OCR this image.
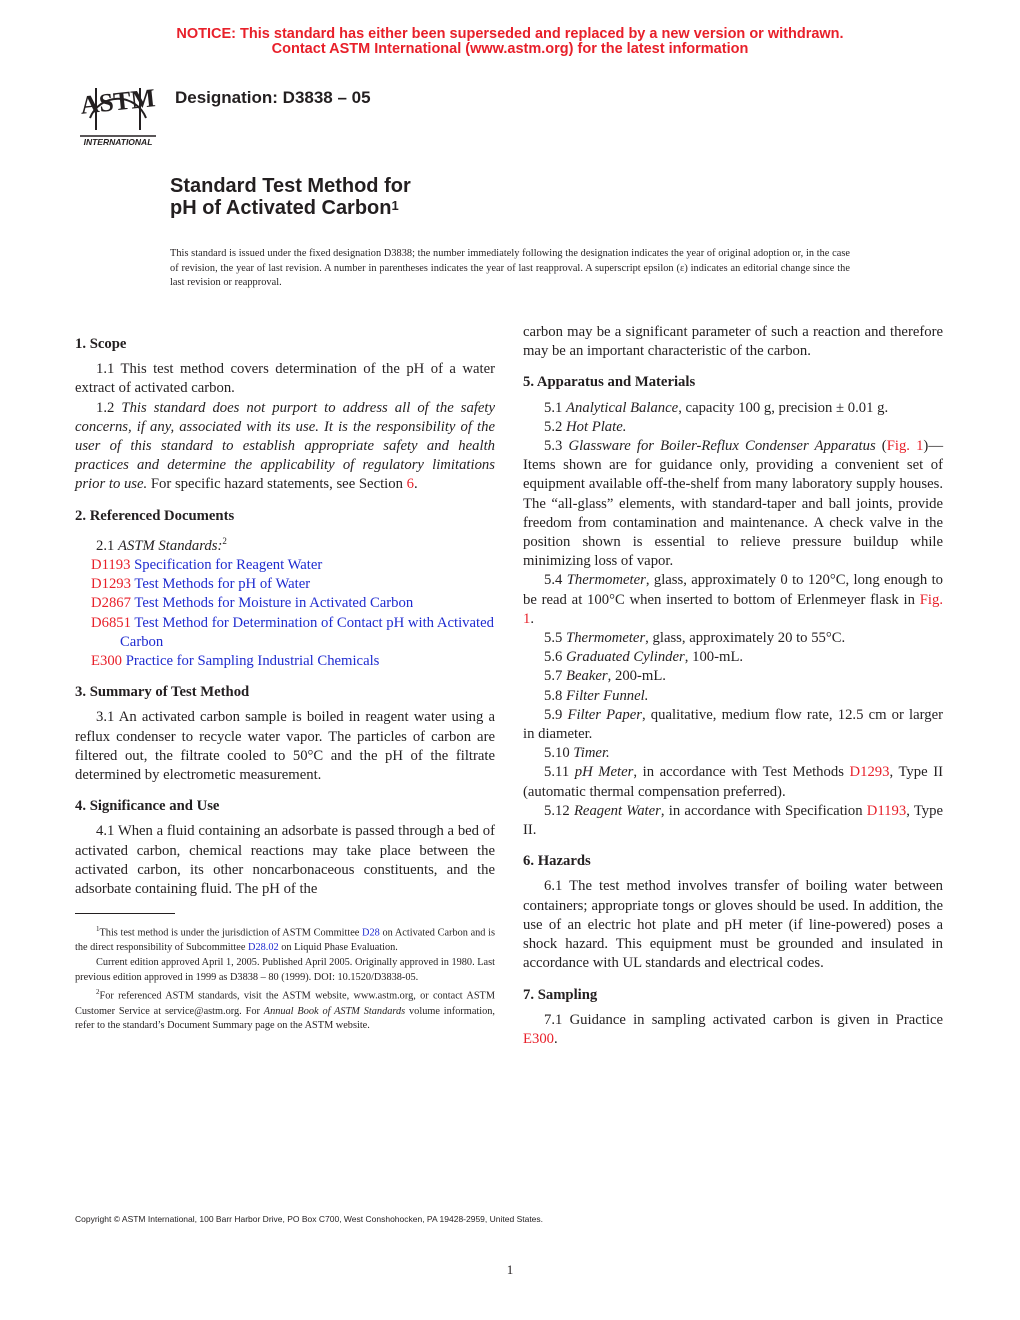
NOTICE: This standard has either been superseded and replaced by a new version or withdrawn.
Contact ASTM International (www.astm.org) for the latest information
ASTM
INTERNATIONAL
Designation: D3838 – 05
Standard Test Method for
pH of Activated Carbon$^1$
This standard is issued under the fixed designation D3838; the number immediately following the designation indicates the year of original adoption or, in the case of revision, the year of last revision. A number in parentheses indicates the year of last reapproval. A superscript epsilon (ε) indicates an editorial change since the last revision or reapproval.

1. Scope

1.1 This test method covers determination of the pH of a water extract of activated carbon.

1.2 This standard does not purport to address all of the safety concerns, if any, associated with its use. It is the responsibility of the user of this standard to establish appropriate safety and health practices and determine the applicability of regulatory limitations prior to use. For specific hazard statements, see Section 6.

2. Referenced Documents

2.1 ASTM Standards:$^2$

D1193 Specification for Reagent Water

D1293 Test Methods for pH of Water

D2867 Test Methods for Moisture in Activated Carbon

D6851 Test Method for Determination of Contact pH with Activated Carbon

E300 Practice for Sampling Industrial Chemicals

3. Summary of Test Method

3.1 An activated carbon sample is boiled in reagent water using a reflux condenser to recycle water vapor. The particles of carbon are filtered out, the filtrate cooled to 50°C and the pH of the filtrate determined by electrometic measurement.

4. Significance and Use

4.1 When a fluid containing an adsorbate is passed through a bed of activated carbon, chemical reactions may take place between the activated carbon, its other noncarbonaceous constituents, and the adsorbate containing fluid. The pH of the

$^1$This test method is under the jurisdiction of ASTM Committee D28 on Activated Carbon and is the direct responsibility of Subcommittee D28.02 on Liquid Phase Evaluation.

Current edition approved April 1, 2005. Published April 2005. Originally approved in 1980. Last previous edition approved in 1999 as D3838 – 80 (1999). DOI: 10.1520/D3838-05.

$^2$For referenced ASTM standards, visit the ASTM website, www.astm.org, or contact ASTM Customer Service at service@astm.org. For Annual Book of ASTM Standards volume information, refer to the standard’s Document Summary page on the ASTM website.

carbon may be a significant parameter of such a reaction and therefore may be an important characteristic of the carbon.

5. Apparatus and Materials

5.1 Analytical Balance, capacity 100 g, precision ± 0.01 g.

5.2 Hot Plate.

5.3 Glassware for Boiler-Reflux Condenser Apparatus (Fig. 1)—Items shown are for guidance only, providing a convenient set of equipment available off-the-shelf from many laboratory supply houses. The “all-glass” elements, with standard-taper and ball joints, provide freedom from contamination and maintenance. A check valve in the position shown is essential to relieve pressure buildup while minimizing loss of vapor.

5.4 Thermometer, glass, approximately 0 to 120°C, long enough to be read at 100°C when inserted to bottom of Erlenmeyer flask in Fig. 1.

5.5 Thermometer, glass, approximately 20 to 55°C.

5.6 Graduated Cylinder, 100-mL.

5.7 Beaker, 200-mL.

5.8 Filter Funnel.

5.9 Filter Paper, qualitative, medium flow rate, 12.5 cm or larger in diameter.

5.10 Timer.

5.11 pH Meter, in accordance with Test Methods D1293, Type II (automatic thermal compensation preferred).

5.12 Reagent Water, in accordance with Specification D1193, Type II.

6. Hazards

6.1 The test method involves transfer of boiling water between containers; appropriate tongs or gloves should be used. In addition, the use of an electric hot plate and pH meter (if line-powered) poses a shock hazard. This equipment must be grounded and insulated in accordance with UL standards and electrical codes.

7. Sampling

7.1 Guidance in sampling activated carbon is given in Practice E300.

Copyright © ASTM International, 100 Barr Harbor Drive, PO Box C700, West Conshohocken, PA 19428-2959, United States.
1
